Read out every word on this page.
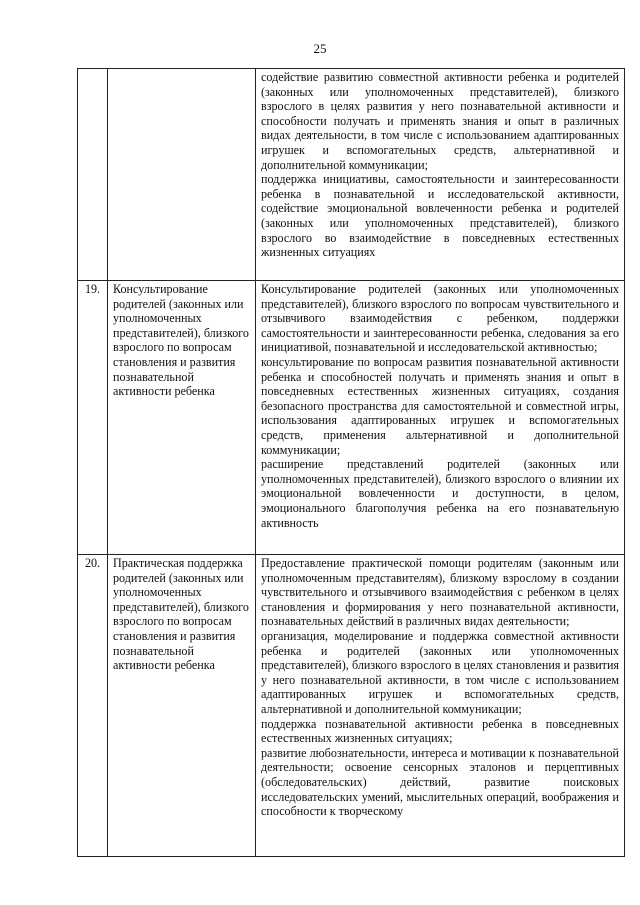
25

		содействие развитию совместной активности ребенка и родителей (законных или уполномоченных представителей), близкого взрослого в целях развития у него познавательной активности и способности получать и применять знания и опыт в различных видах деятельности, в том числе с использованием адаптированных игрушек и вспомогательных средств, альтернативной и дополнительной коммуникации;

поддержка инициативы, самостоятельности и заинтересованности ребенка в познавательной и исследовательской активности, содействие эмоциональной вовлеченности ребенка и родителей (законных или уполномоченных представителей), близкого взрослого во взаимодействие в повседневных естественных жизненных ситуациях

19.	Консультирование родителей (законных или уполномоченных представителей), близкого взрослого по вопросам становления и развития познавательной активности ребенка	Консультирование родителей (законных или уполномоченных представителей), близкого взрослого по вопросам чувствительного и отзывчивого взаимодействия с ребенком, поддержки самостоятельности и заинтересованности ребенка, следования за его инициативой, познавательной и исследовательской активностью;

консультирование по вопросам развития познавательной активности ребенка и способностей получать и применять знания и опыт в повседневных естественных жизненных ситуациях, создания безопасного пространства для самостоятельной и совместной игры, использования адаптированных игрушек и вспомогательных средств, применения альтернативной и дополнительной коммуникации;

расширение представлений родителей (законных или уполномоченных представителей), близкого взрослого о влиянии их эмоциональной вовлеченности и доступности, в целом, эмоционального благополучия ребенка на его познавательную активность

20.	Практическая поддержка родителей (законных или уполномоченных представителей), близкого взрослого по вопросам становления и развития познавательной активности ребенка	Предоставление практической помощи родителям (законным или уполномоченным представителям), близкому взрослому в создании чувствительного и отзывчивого взаимодействия с ребенком в целях становления и формирования у него познавательной активности, познавательных действий в различных видах деятельности;

организация, моделирование и поддержка совместной активности ребенка и родителей (законных или уполномоченных представителей), близкого взрослого в целях становления и развития у него познавательной активности, в том числе с использованием адаптированных игрушек и вспомогательных средств, альтернативной и дополнительной коммуникации;

поддержка познавательной активности ребенка в повседневных естественных жизненных ситуациях;

развитие любознательности, интереса и мотивации к познавательной деятельности; освоение сенсорных эталонов и перцептивных (обследовательских) действий, развитие поисковых исследовательских умений, мыслительных операций, воображения и способности к творческому
